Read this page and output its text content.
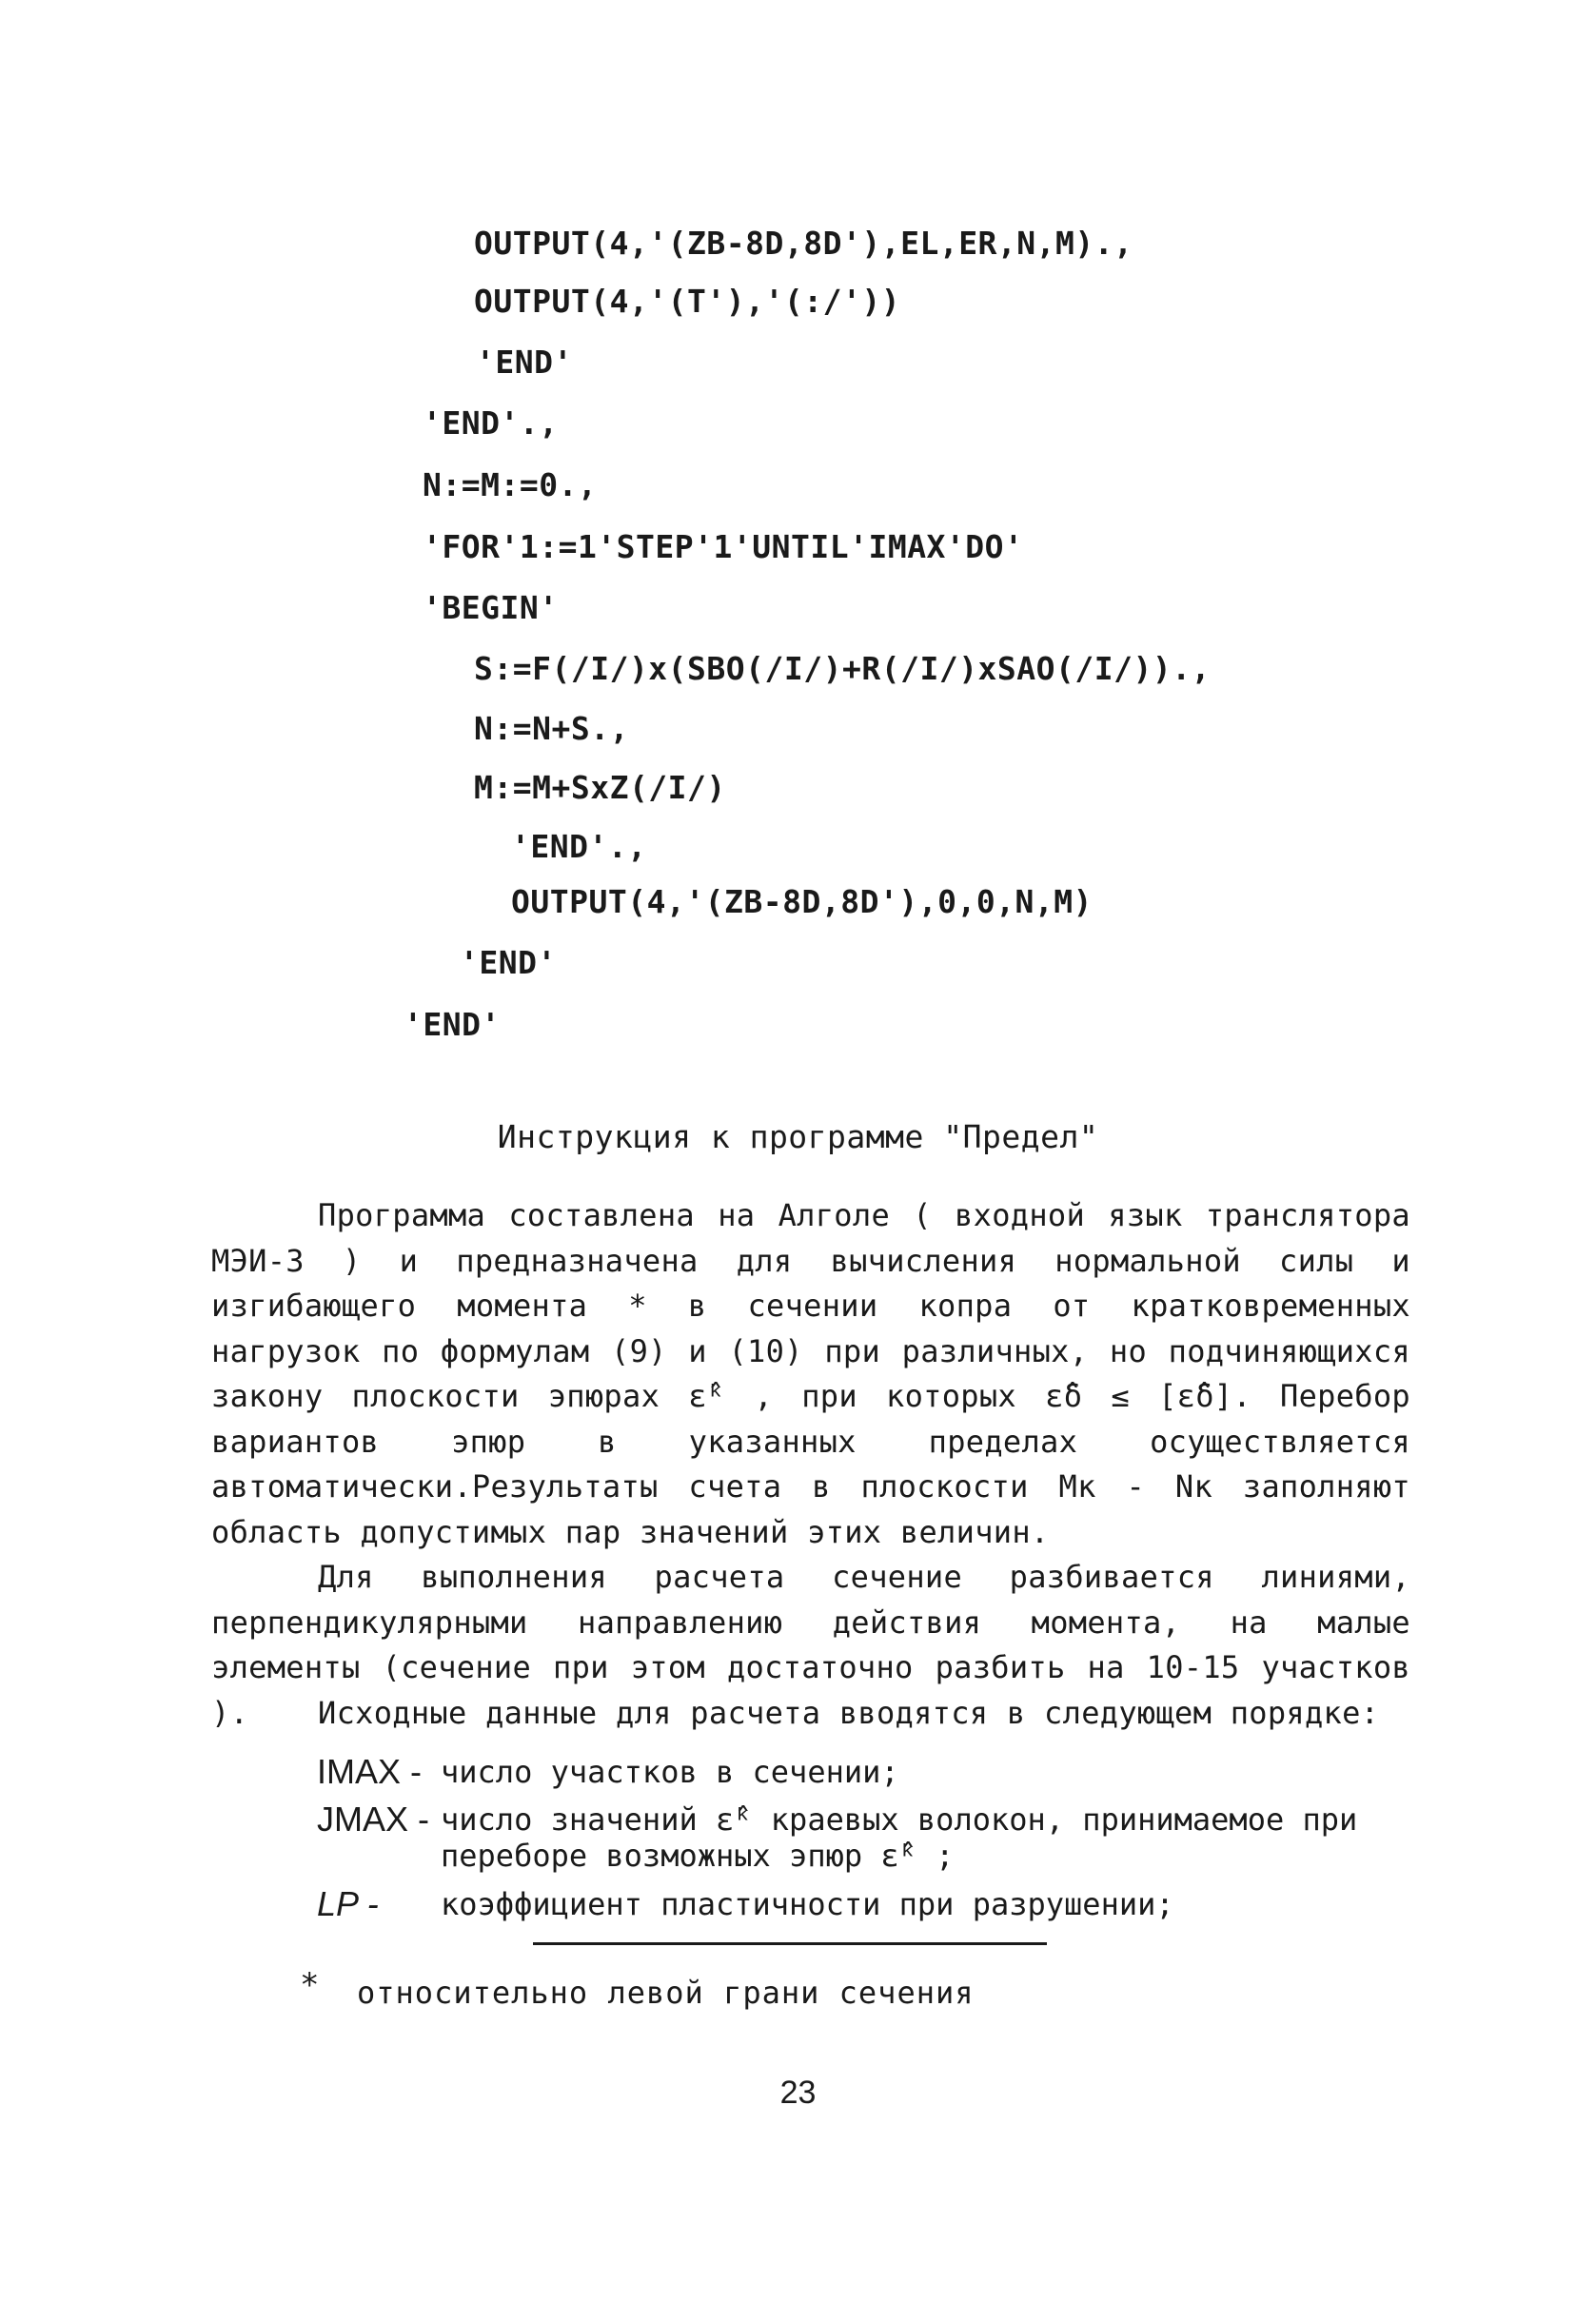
OUTPUT(4,'(ZB-8D,8D'),EL,ER,N,M).,
OUTPUT(4,'(T'),'(:/'))
'END'
'END'.,
N:=M:=0.,
'FOR'1:=1'STEP'1'UNTIL'IMAX'DO'
'BEGIN'
S:=F(/I/)x(SBO(/I/)+R(/I/)xSAO(/I/)).,
N:=N+S.,
M:=M+SxZ(/I/)
'END'.,
OUTPUT(4,'(ZB-8D,8D'),0,0,N,M)
'END'
'END'
Инструкция к программе "Предел"
Программа составлена на Алголе ( входной язык транслятора МЭИ-3 ) и предназначена для вычисления нормальной силы и изгибающего момента * в сечении копра от кратковременных нагрузок по формулам (9) и (10) при различных, но подчиняющихся закону плоскости эпюрах ε̂ᵏ , при которых ε̂δ ≤ [ε̂δ]. Перебор вариантов эпюр в указанных пределах осуществляется автоматически.Результаты счета в плоскости Mк - Nк заполняют область допустимых пар значений этих величин.
Для выполнения расчета сечение разбивается линиями, перпендикулярными направлению действия момента, на малые элементы (сечение при этом достаточно разбить на 10-15 участков ).	Исходные данные для расчета вводятся в следующем порядке:
IMAX - число участков в сечении;
JMAX - число значений ε̂ᵏ краевых волокон, принимаемое при
переборе возможных эпюр ε̂ᵏ ;
LP - коэффициент пластичности при разрушении;
* относительно левой грани сечения
23
